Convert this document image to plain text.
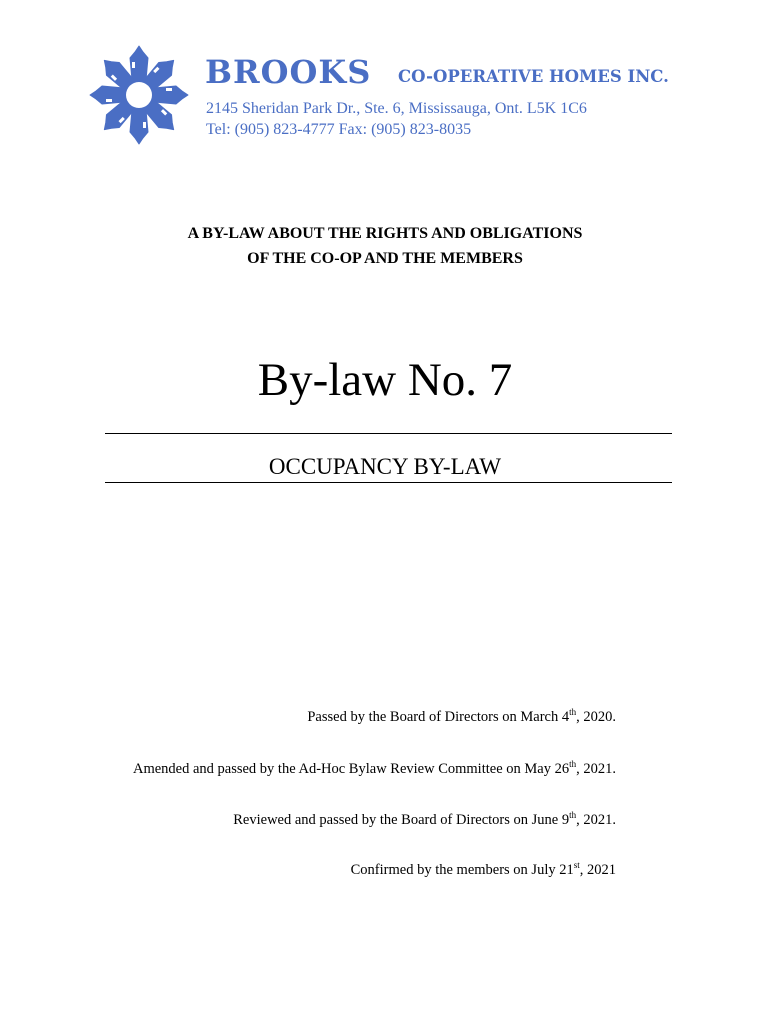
BROOKS CO-OPERATIVE HOMES INC.
2145 Sheridan Park Dr., Ste. 6, Mississauga, Ont. L5K 1C6
Tel: (905) 823-4777 Fax: (905) 823-8035
A BY-LAW ABOUT THE RIGHTS AND OBLIGATIONS
OF THE CO-OP AND THE MEMBERS
By-law No. 7
OCCUPANCY BY-LAW
Passed by the Board of Directors on March 4th, 2020.
Amended and passed by the Ad-Hoc Bylaw Review Committee on May 26th, 2021.
Reviewed and passed by the Board of Directors on June 9th, 2021.
Confirmed by the members on July 21st, 2021
